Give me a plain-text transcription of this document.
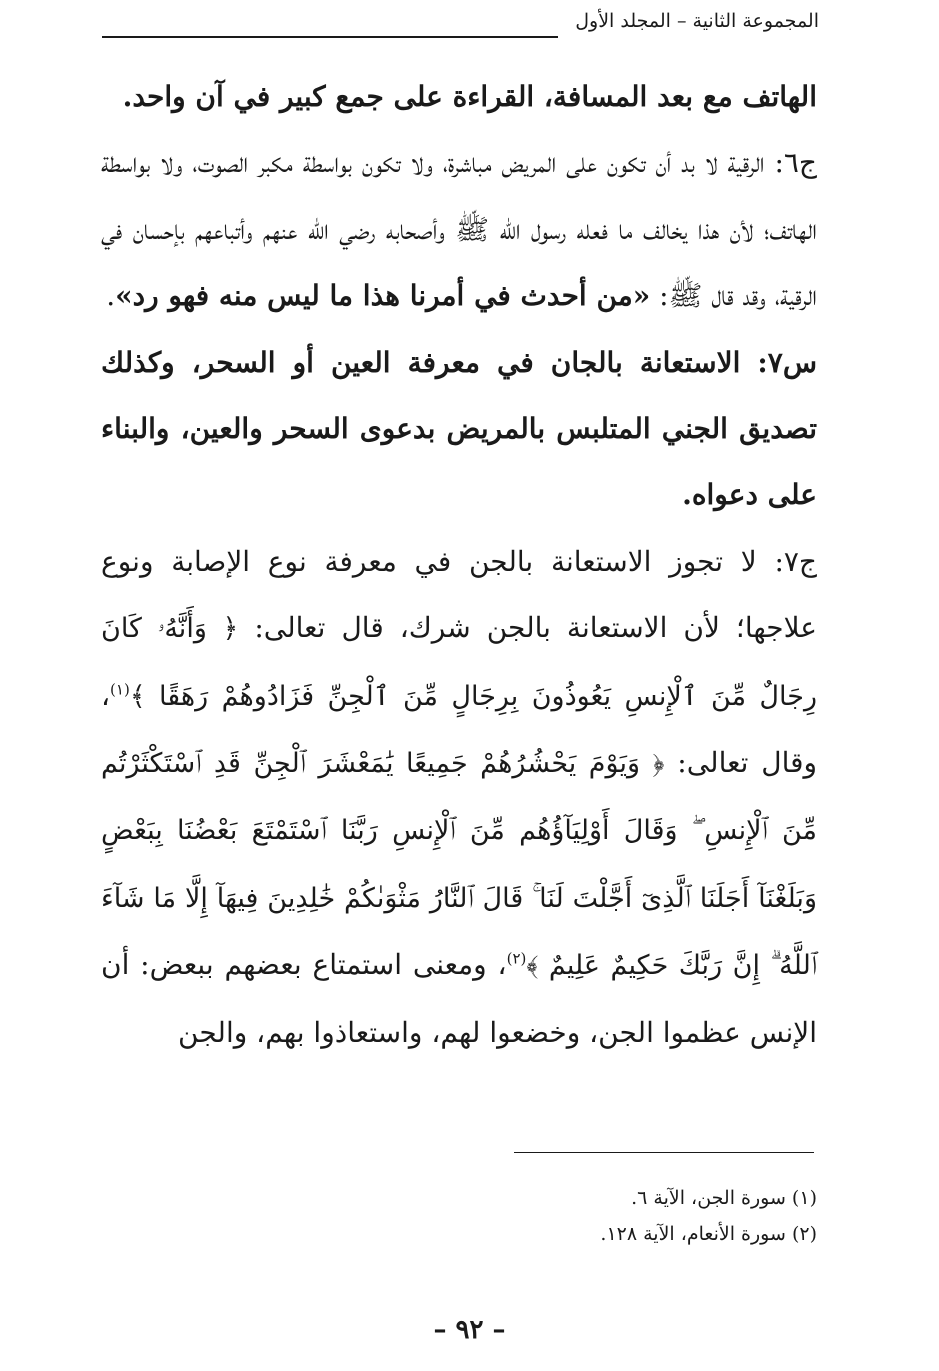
المجموعة الثانية – المجلد الأول

الهاتف مع بعد المسافة، القراءة على جمع كبير في آن واحد.

ج٦: الرقية لا بد أن تكون على المريض مباشرة، ولا تكون بواسطة مكبر الصوت، ولا بواسطة الهاتف؛ لأن هذا يخالف ما فعله رسول الله ﷺ وأصحابه رضي الله عنهم وأتباعهم بإحسان في الرقية، وقد قال ﷺ: «من أحدث في أمرنا هذا ما ليس منه فهو رد».

س٧: الاستعانة بالجان في معرفة العين أو السحر، وكذلك تصديق الجني المتلبس بالمريض بدعوى السحر والعين، والبناء على دعواه.

ج٧: لا تجوز الاستعانة بالجن في معرفة نوع الإصابة ونوع علاجها؛ لأن الاستعانة بالجن شرك، قال تعالى: ﴿ وَأَنَّهُۥ كَانَ رِجَالٌ مِّنَ ٱلْإِنسِ يَعُوذُونَ بِرِجَالٍ مِّنَ ٱلْجِنِّ فَزَادُوهُمْ رَهَقًا ﴾$^{(١)}$، وقال تعالى: ﴿ وَيَوْمَ يَحْشُرُهُمْ جَمِيعًا يَٰمَعْشَرَ ٱلْجِنِّ قَدِ ٱسْتَكْثَرْتُم مِّنَ ٱلْإِنسِ ۖ وَقَالَ أَوْلِيَآؤُهُم مِّنَ ٱلْإِنسِ رَبَّنَا ٱسْتَمْتَعَ بَعْضُنَا بِبَعْضٍ وَبَلَغْنَآ أَجَلَنَا ٱلَّذِىٓ أَجَّلْتَ لَنَا ۚ قَالَ ٱلنَّارُ مَثْوَىٰكُمْ خَٰلِدِينَ فِيهَآ إِلَّا مَا شَآءَ ٱللَّهُ ۗ إِنَّ رَبَّكَ حَكِيمٌ عَلِيمٌ ﴾$^{(٢)}$، ومعنى استمتاع بعضهم ببعض: أن الإنس عظموا الجن، وخضعوا لهم، واستعاذوا بهم، والجن

(١) سورة الجن، الآية ٦.
(٢) سورة الأنعام، الآية ١٢٨.
– ٩٢ –
